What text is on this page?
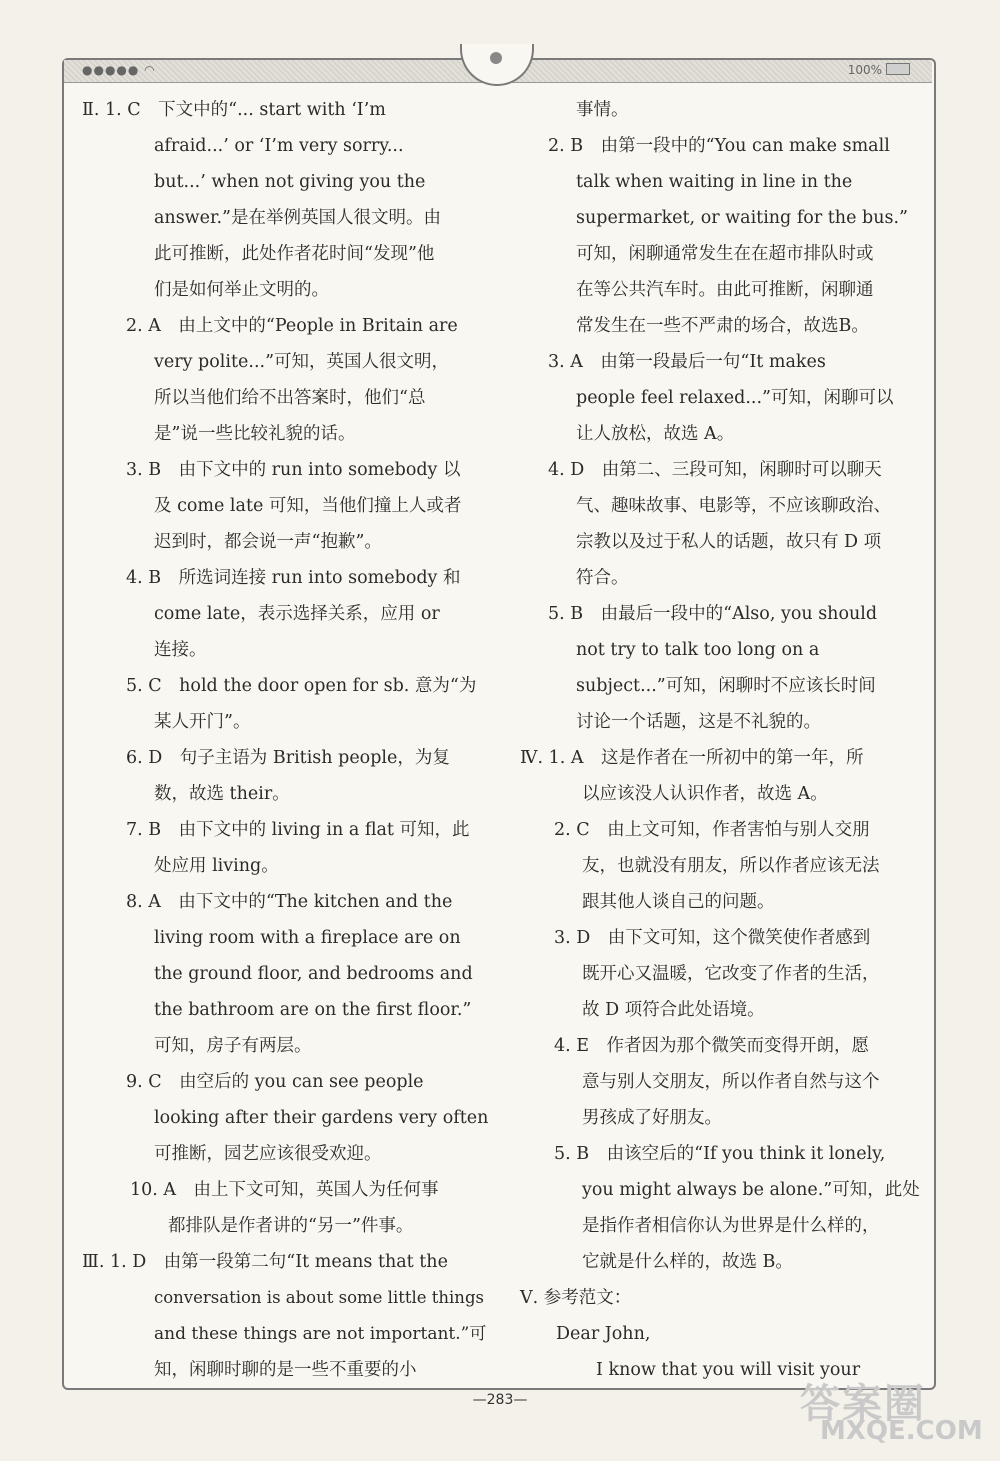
●●●●● ◠	100%
Ⅱ. 1. C　下文中的“... start with ‘I’m
afraid...’ or ‘I’m very sorry...
but...’ when not giving you the
answer.”是在举例英国人很文明。由
此可推断，此处作者花时间“发现”他
们是如何举止文明的。
2. A　由上文中的“People in Britain are
very polite...”可知，英国人很文明，
所以当他们给不出答案时，他们“总
是”说一些比较礼貌的话。
3. B　由下文中的 run into somebody 以
及 come late 可知，当他们撞上人或者
迟到时，都会说一声“抱歉”。
4. B　所选词连接 run into somebody 和
come late，表示选择关系，应用 or
连接。
5. C　hold the door open for sb. 意为“为
某人开门”。
6. D　句子主语为 British people，为复
数，故选 their。
7. B　由下文中的 living in a flat 可知，此
处应用 living。
8. A　由下文中的“The kitchen and the
living room with a fireplace are on
the ground floor, and bedrooms and
the bathroom are on the first floor.”
可知，房子有两层。
9. C　由空后的 you can see people
looking after their gardens very often
可推断，园艺应该很受欢迎。
10. A　由上下文可知，英国人为任何事
都排队是作者讲的“另一”件事。
Ⅲ. 1. D　由第一段第二句“It means that the
conversation is about some little things
and these things are not important.”可
知，闲聊时聊的是一些不重要的小
事情。
2. B　由第一段中的“You can make small
talk when waiting in line in the
supermarket, or waiting for the bus.”
可知，闲聊通常发生在在超市排队时或
在等公共汽车时。由此可推断，闲聊通
常发生在一些不严肃的场合，故选B。
3. A　由第一段最后一句“It makes
people feel relaxed...”可知，闲聊可以
让人放松，故选 A。
4. D　由第二、三段可知，闲聊时可以聊天
气、趣味故事、电影等，不应该聊政治、
宗教以及过于私人的话题，故只有 D 项
符合。
5. B　由最后一段中的“Also, you should
not try to talk too long on a
subject...”可知，闲聊时不应该长时间
讨论一个话题，这是不礼貌的。
Ⅳ. 1. A　这是作者在一所初中的第一年，所
以应该没人认识作者，故选 A。
2. C　由上文可知，作者害怕与别人交朋
友，也就没有朋友，所以作者应该无法
跟其他人谈自己的问题。
3. D　由下文可知，这个微笑使作者感到
既开心又温暖，它改变了作者的生活，
故 D 项符合此处语境。
4. E　作者因为那个微笑而变得开朗，愿
意与别人交朋友，所以作者自然与这个
男孩成了好朋友。
5. B　由该空后的“If you think it lonely,
you might always be alone.”可知，此处
是指作者相信你认为世界是什么样的，
它就是什么样的，故选 B。
Ⅴ. 参考范文：
Dear John,
I know that you will visit your
—283—	答案圈
MXQE.COM
